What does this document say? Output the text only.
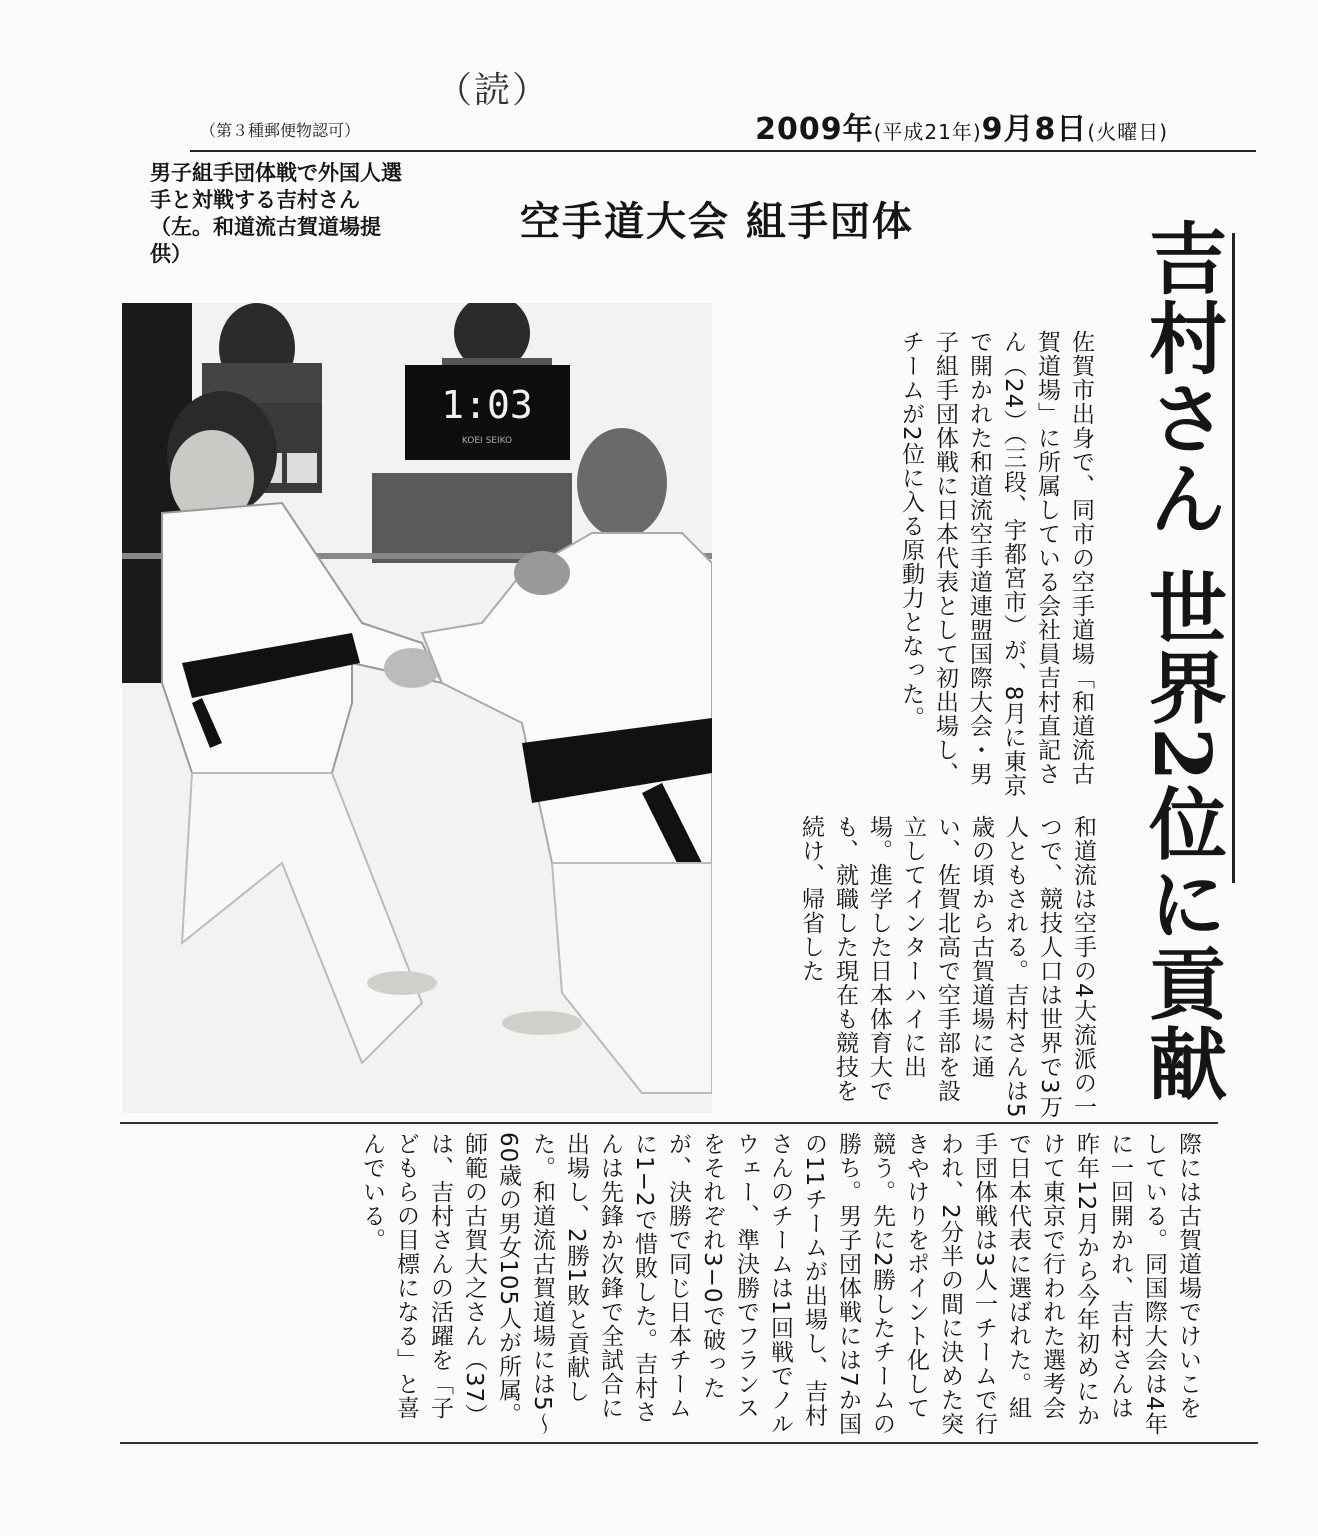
（読）
（第３種郵便物認可）	2009年(平成21年)9月8日(火曜日)
男子組手団体戦で外国人選手と対戦する吉村さん（左。和道流古賀道場提供）
空手道大会 組手団体	吉村さん 世界2位に貢献
1:03
KOEI SEIKO	佐賀市出身で、同市の空手道場「和道流古賀道場」に所属している会社員吉村直記さん（24）（三段、宇都宮市）が、8月に東京で開かれた和道流空手道連盟国際大会・男子組手団体戦に日本代表として初出場し、チームが2位に入る原動力となった。
和道流は空手の4大流派の一つで、競技人口は世界で3万人ともされる。吉村さんは5歳の頃から古賀道場に通い、佐賀北高で空手部を設立してインターハイに出場。進学した日本体育大でも、就職した現在も競技を続け、帰省した
際には古賀道場でけいこをしている。同国際大会は4年に一回開かれ、吉村さんは昨年12月から今年初めにかけて東京で行われた選考会で日本代表に選ばれた。組手団体戦は3人一チームで行われ、2分半の間に決めた突きやけりをポイント化して競う。先に2勝したチームの勝ち。男子団体戦には7か国の11チームが出場し、吉村さんのチームは1回戦でノルウェー、準決勝でフランスをそれぞれ3−0で破ったが、決勝で同じ日本チームに1−2で惜敗した。吉村さんは先鋒か次鋒で全試合に出場し、2勝1敗と貢献した。和道流古賀道場には5〜60歳の男女105人が所属。師範の古賀大之さん（37）は、吉村さんの活躍を「子どもらの目標になる」と喜んでいる。
